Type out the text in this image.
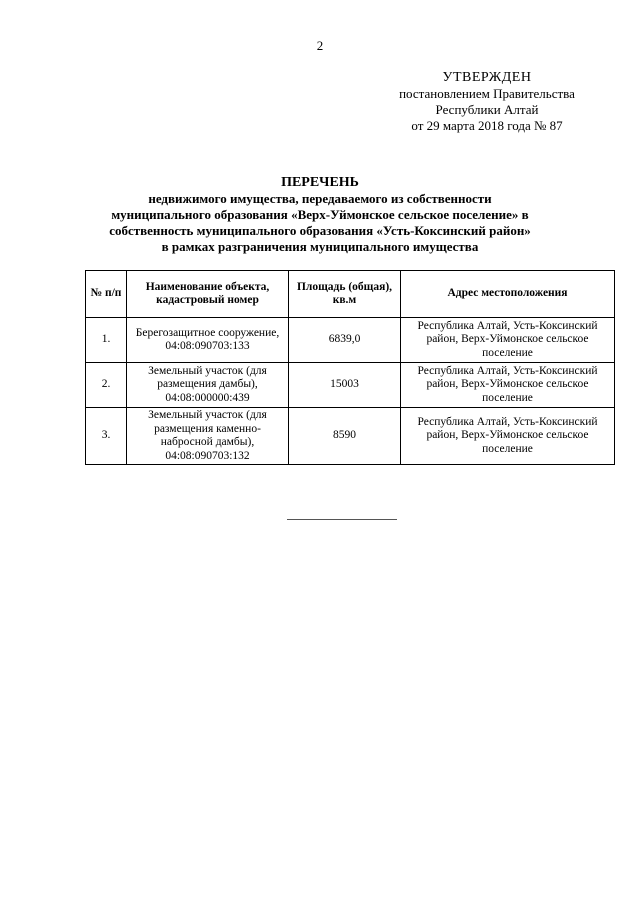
2
УТВЕРЖДЕН
постановлением Правительства
Республики Алтай
от 29 марта 2018 года № 87
ПЕРЕЧЕНЬ
недвижимого имущества, передаваемого из собственности
муниципального образования «Верх-Уймонское сельское поселение» в
собственность муниципального образования «Усть-Коксинский район»
в рамках разграничения муниципального имущества
№ п/п	Наименование объекта, кадастровый номер	Площадь (общая), кв.м	Адрес местоположения
1.	Берегозащитное сооружение, 04:08:090703:133	6839,0	Республика Алтай, Усть-Коксинский район, Верх-Уймонское сельское поселение
2.	Земельный участок (для размещения дамбы), 04:08:000000:439	15003	Республика Алтай, Усть-Коксинский район, Верх-Уймонское сельское поселение
3.	Земельный участок (для размещения каменно-набросной дамбы), 04:08:090703:132	8590	Республика Алтай, Усть-Коксинский район, Верх-Уймонское сельское поселение
